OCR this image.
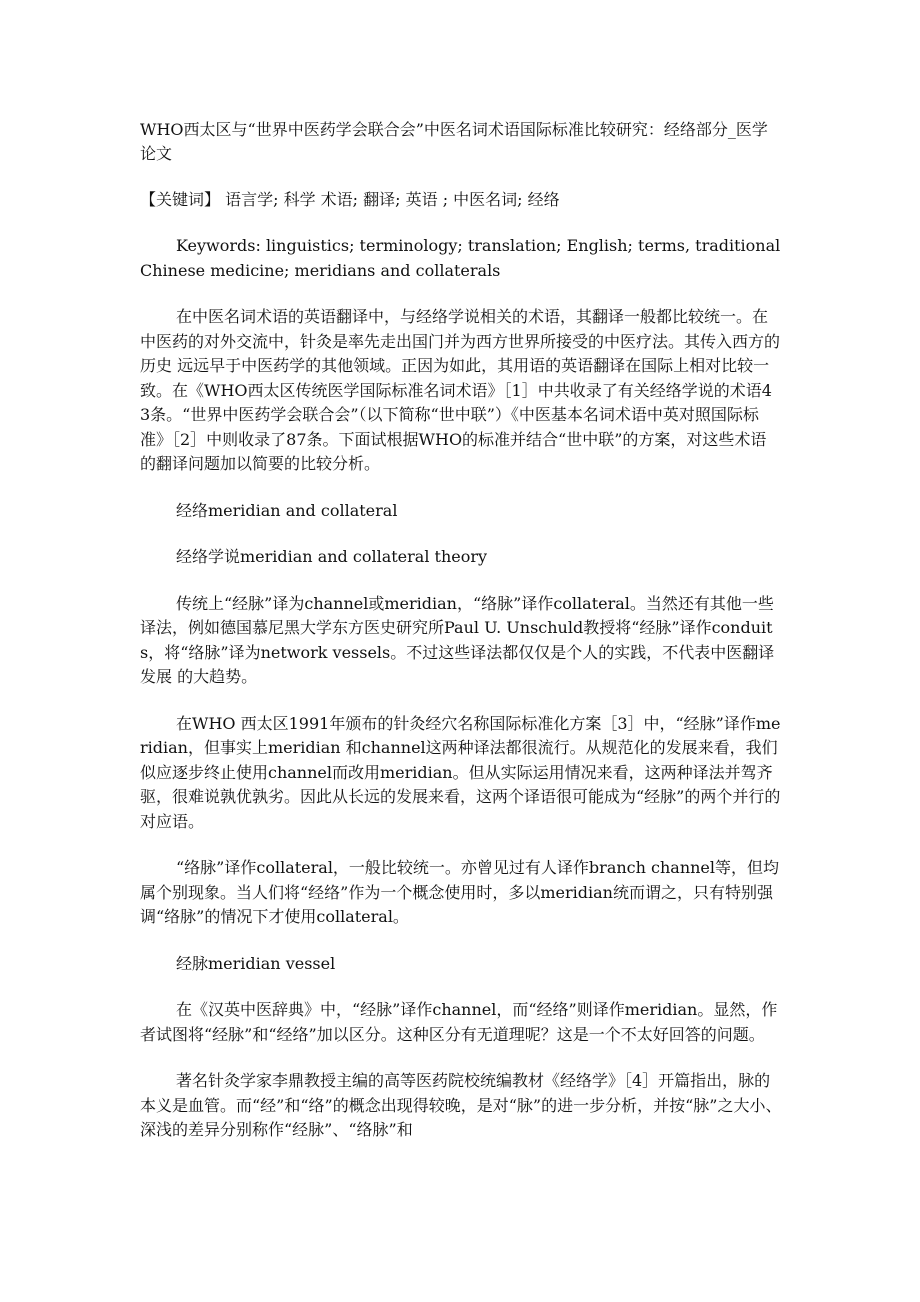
WHO西太区与“世界中医药学会联合会”中医名词术语国际标准比较研究：经络部分_医学论文

【关键词】 语言学; 科学 术语; 翻译; 英语 ; 中医名词; 经络

Keywords: linguistics; terminology; translation; English; terms, traditional Chinese medicine; meridians and collaterals

在中医名词术语的英语翻译中，与经络学说相关的术语，其翻译一般都比较统一。在中医药的对外交流中，针灸是率先走出国门并为西方世界所接受的中医疗法。其传入西方的 历史 远远早于中医药学的其他领域。正因为如此，其用语的英语翻译在国际上相对比较一致。在《WHO西太区传统医学国际标准名词术语》［1］中共收录了有关经络学说的术语43条。“世界中医药学会联合会”（以下简称“世中联”）《中医基本名词术语中英对照国际标准》［2］中则收录了87条。下面试根据WHO的标准并结合“世中联”的方案，对这些术语的翻译问题加以简要的比较分析。

经络meridian and collateral

经络学说meridian and collateral theory

传统上“经脉”译为channel或meridian，“络脉”译作collateral。当然还有其他一些译法，例如德国慕尼黑大学东方医史研究所Paul U. Unschuld教授将“经脉”译作conduits，将“络脉”译为network vessels。不过这些译法都仅仅是个人的实践，不代表中医翻译 发展 的大趋势。

在WHO 西太区1991年颁布的针灸经穴名称国际标准化方案［3］中，“经脉”译作meridian，但事实上meridian 和channel这两种译法都很流行。从规范化的发展来看，我们似应逐步终止使用channel而改用meridian。但从实际运用情况来看，这两种译法并驾齐驱，很难说孰优孰劣。因此从长远的发展来看，这两个译语很可能成为“经脉”的两个并行的对应语。

“络脉”译作collateral，一般比较统一。亦曾见过有人译作branch channel等，但均属个别现象。当人们将“经络”作为一个概念使用时，多以meridian统而谓之，只有特别强调“络脉”的情况下才使用collateral。

经脉meridian vessel

在《汉英中医辞典》中，“经脉”译作channel，而“经络”则译作meridian。显然，作者试图将“经脉”和“经络”加以区分。这种区分有无道理呢？这是一个不太好回答的问题。

著名针灸学家李鼎教授主编的高等医药院校统编教材《经络学》［4］开篇指出，脉的本义是血管。而“经”和“络”的概念出现得较晚，是对“脉”的进一步分析，并按“脉”之大小、深浅的差异分别称作“经脉”、“络脉”和
